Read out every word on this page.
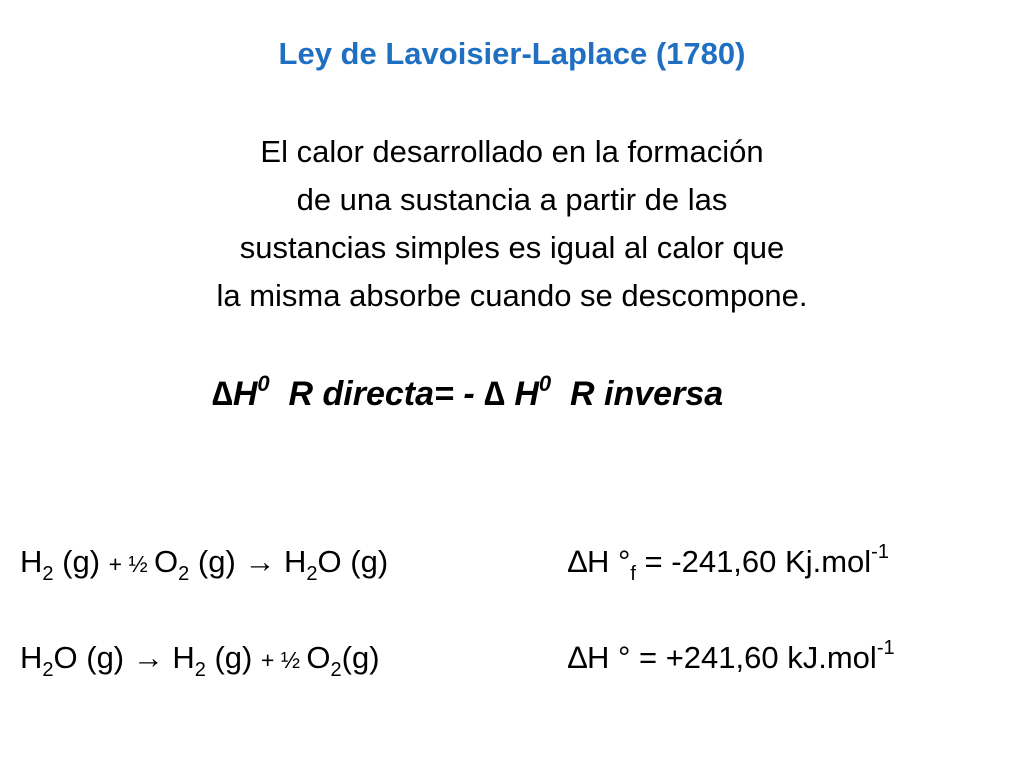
Ley de Lavoisier-Laplace (1780)
El calor desarrollado en la formación
de una sustancia a partir de las
sustancias simples es igual al calor que
la misma absorbe cuando se descompone.
$\Delta H^0$  R directa= - ∆ $H^0$  R inversa
$H_2$ (g) + ½ $O_2$ $(g) \to H_2O$ (g)	∆H $^\circ_f = -241,60$ Kj.mol$^{-1}$
$H_2O$ $(g) \to H_2$ (g) + ½ $O_2(g)$	∆H ° = +241,60 kJ.mol$^{-1}$
